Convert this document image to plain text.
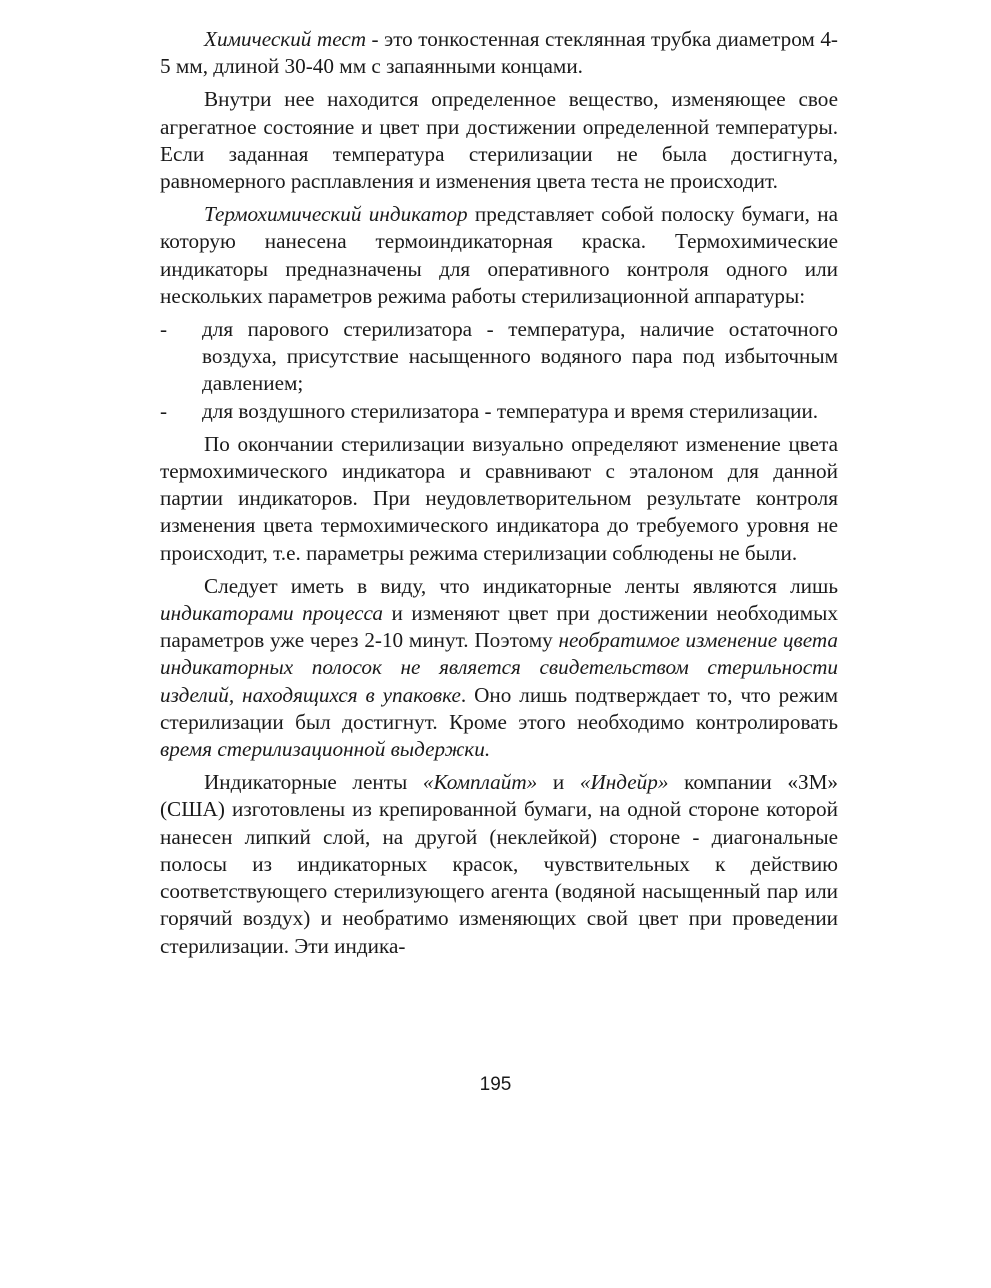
Химический тест - это тонкостенная стеклянная трубка диаметром 4-5 мм, длиной 30-40 мм с запаянными концами.

Внутри нее находится определенное вещество, изменяющее свое агрегатное состояние и цвет при достижении определенной температуры. Если заданная температура стерилизации не была достигнута, равномерного расплавления и изменения цвета теста не происходит.

Термохимический индикатор представляет собой полоску бумаги, на которую нанесена термоиндикаторная краска. Термохимические индикаторы предназначены для оперативного контроля одного или нескольких параметров режима работы стерилизационной аппаратуры:

- для парового стерилизатора - температура, наличие остаточного воздуха, присутствие насыщенного водяного пара под избыточным давлением;
- для воздушного стерилизатора - температура и время стерилизации.

По окончании стерилизации визуально определяют изменение цвета термохимического индикатора и сравнивают с эталоном для данной партии индикаторов. При неудовлетворительном результате контроля изменения цвета термохимического индикатора до требуемого уровня не происходит, т.е. параметры режима стерилизации соблюдены не были.

Следует иметь в виду, что индикаторные ленты являются лишь индикаторами процесса и изменяют цвет при достижении необходимых параметров уже через 2-10 минут. Поэтому необратимое изменение цвета индикаторных полосок не является свидетельством стерильности изделий, находящихся в упаковке. Оно лишь подтверждает то, что режим стерилизации был достигнут. Кроме этого необходимо контролировать время стерилизационной выдержки.

Индикаторные ленты «Комплайт» и «Индейр» компании «ЗМ» (США) изготовлены из крепированной бумаги, на одной стороне которой нанесен липкий слой, на другой (неклейкой) стороне - диагональные полосы из индикаторных красок, чувствительных к действию соответствующего стерилизующего агента (водяной насыщенный пар или горячий воздух) и необратимо изменяющих свой цвет при проведении стерилизации. Эти индика-

195
